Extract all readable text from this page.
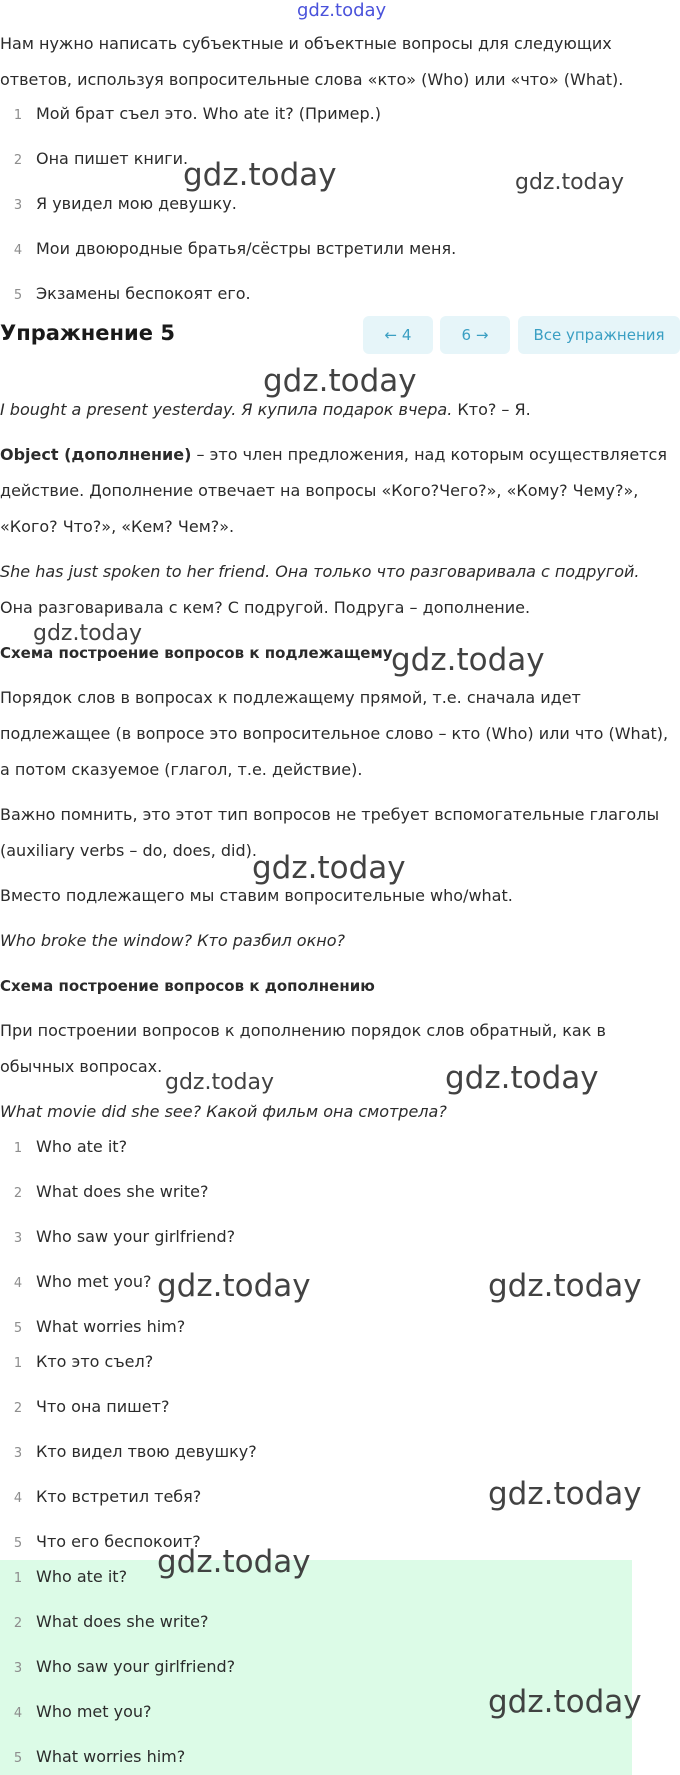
gdz.today
Нам нужно написать субъектные и объектные вопросы для следующих
ответов, используя вопросительные слова «кто» (Who) или «что» (What).
1 Мой брат съел это. Who ate it? (Пример.)
2 Она пишет книги.
3 Я увидел мою девушку.
4 Мои двоюродные братья/сёстры встретили меня.
5 Экзамены беспокоят его.
Упражнение 5	← 4	6 →	Все упражнения
I bought a present yesterday. Я купила подарок вчера. Кто? – Я.
Object (дополнение) – это член предложения, над которым осуществляется
действие. Дополнение отвечает на вопросы «Кого?Чего?», «Кому? Чему?»,
«Кого? Что?», «Кем? Чем?».
She has just spoken to her friend. Она только что разговаривала с подругой.
Она разговаривала с кем? С подругой. Подруга – дополнение.
Схема построение вопросов к подлежащему
Порядок слов в вопросах к подлежащему прямой, т.е. сначала идет
подлежащее (в вопросе это вопросительное слово – кто (Who) или что (What),
а потом сказуемое (глагол, т.е. действие).
Важно помнить, это этот тип вопросов не требует вспомогательные глаголы
(auxiliary verbs – do, does, did).
Вместо подлежащего мы ставим вопросительные who/what.
Who broke the window? Кто разбил окно?
Схема построение вопросов к дополнению
При построении вопросов к дополнению порядок слов обратный, как в
обычных вопросах.
What movie did she see? Какой фильм она смотрела?
1 Who ate it?
2 What does she write?
3 Who saw your girlfriend?
4 Who met you?
5 What worries him?
1 Кто это съел?
2 Что она пишет?
3 Кто видел твою девушку?
4 Кто встретил тебя?
5 Что его беспокоит?
1 Who ate it?
2 What does she write?
3 Who saw your girlfriend?
4 Who met you?
5 What worries him?
gdz.today	gdz.today
gdz.today
gdz.today
gdz.today
gdz.today
gdz.today	gdz.today
gdz.today	gdz.today
gdz.today
gdz.today
gdz.today
